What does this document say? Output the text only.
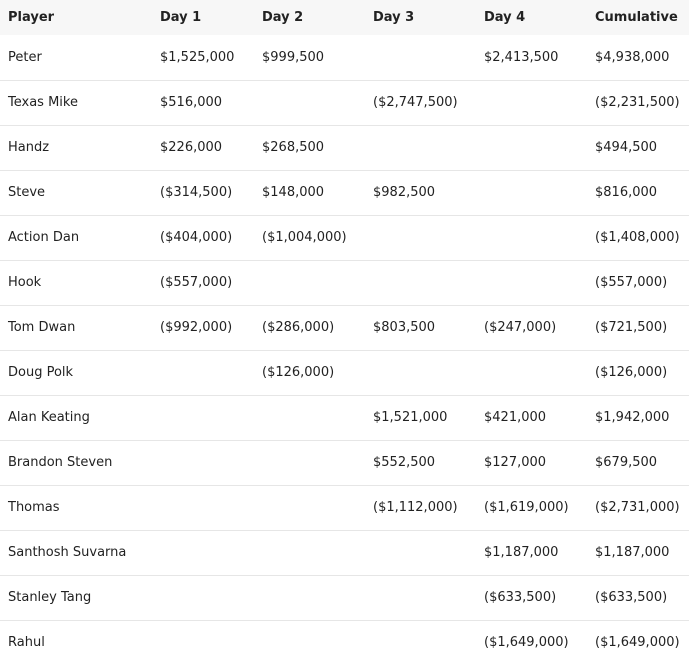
Player	Day 1	Day 2	Day 3	Day 4	Cumulative
Peter	$1,525,000	$999,500		$2,413,500	$4,938,000
Texas Mike	$516,000		($2,747,500)		($2,231,500)
Handz	$226,000	$268,500			$494,500
Steve	($314,500)	$148,000	$982,500		$816,000
Action Dan	($404,000)	($1,004,000)			($1,408,000)
Hook	($557,000)				($557,000)
Tom Dwan	($992,000)	($286,000)	$803,500	($247,000)	($721,500)
Doug Polk		($126,000)			($126,000)
Alan Keating			$1,521,000	$421,000	$1,942,000
Brandon Steven			$552,500	$127,000	$679,500
Thomas			($1,112,000)	($1,619,000)	($2,731,000)
Santhosh Suvarna				$1,187,000	$1,187,000
Stanley Tang				($633,500)	($633,500)
Rahul				($1,649,000)	($1,649,000)
